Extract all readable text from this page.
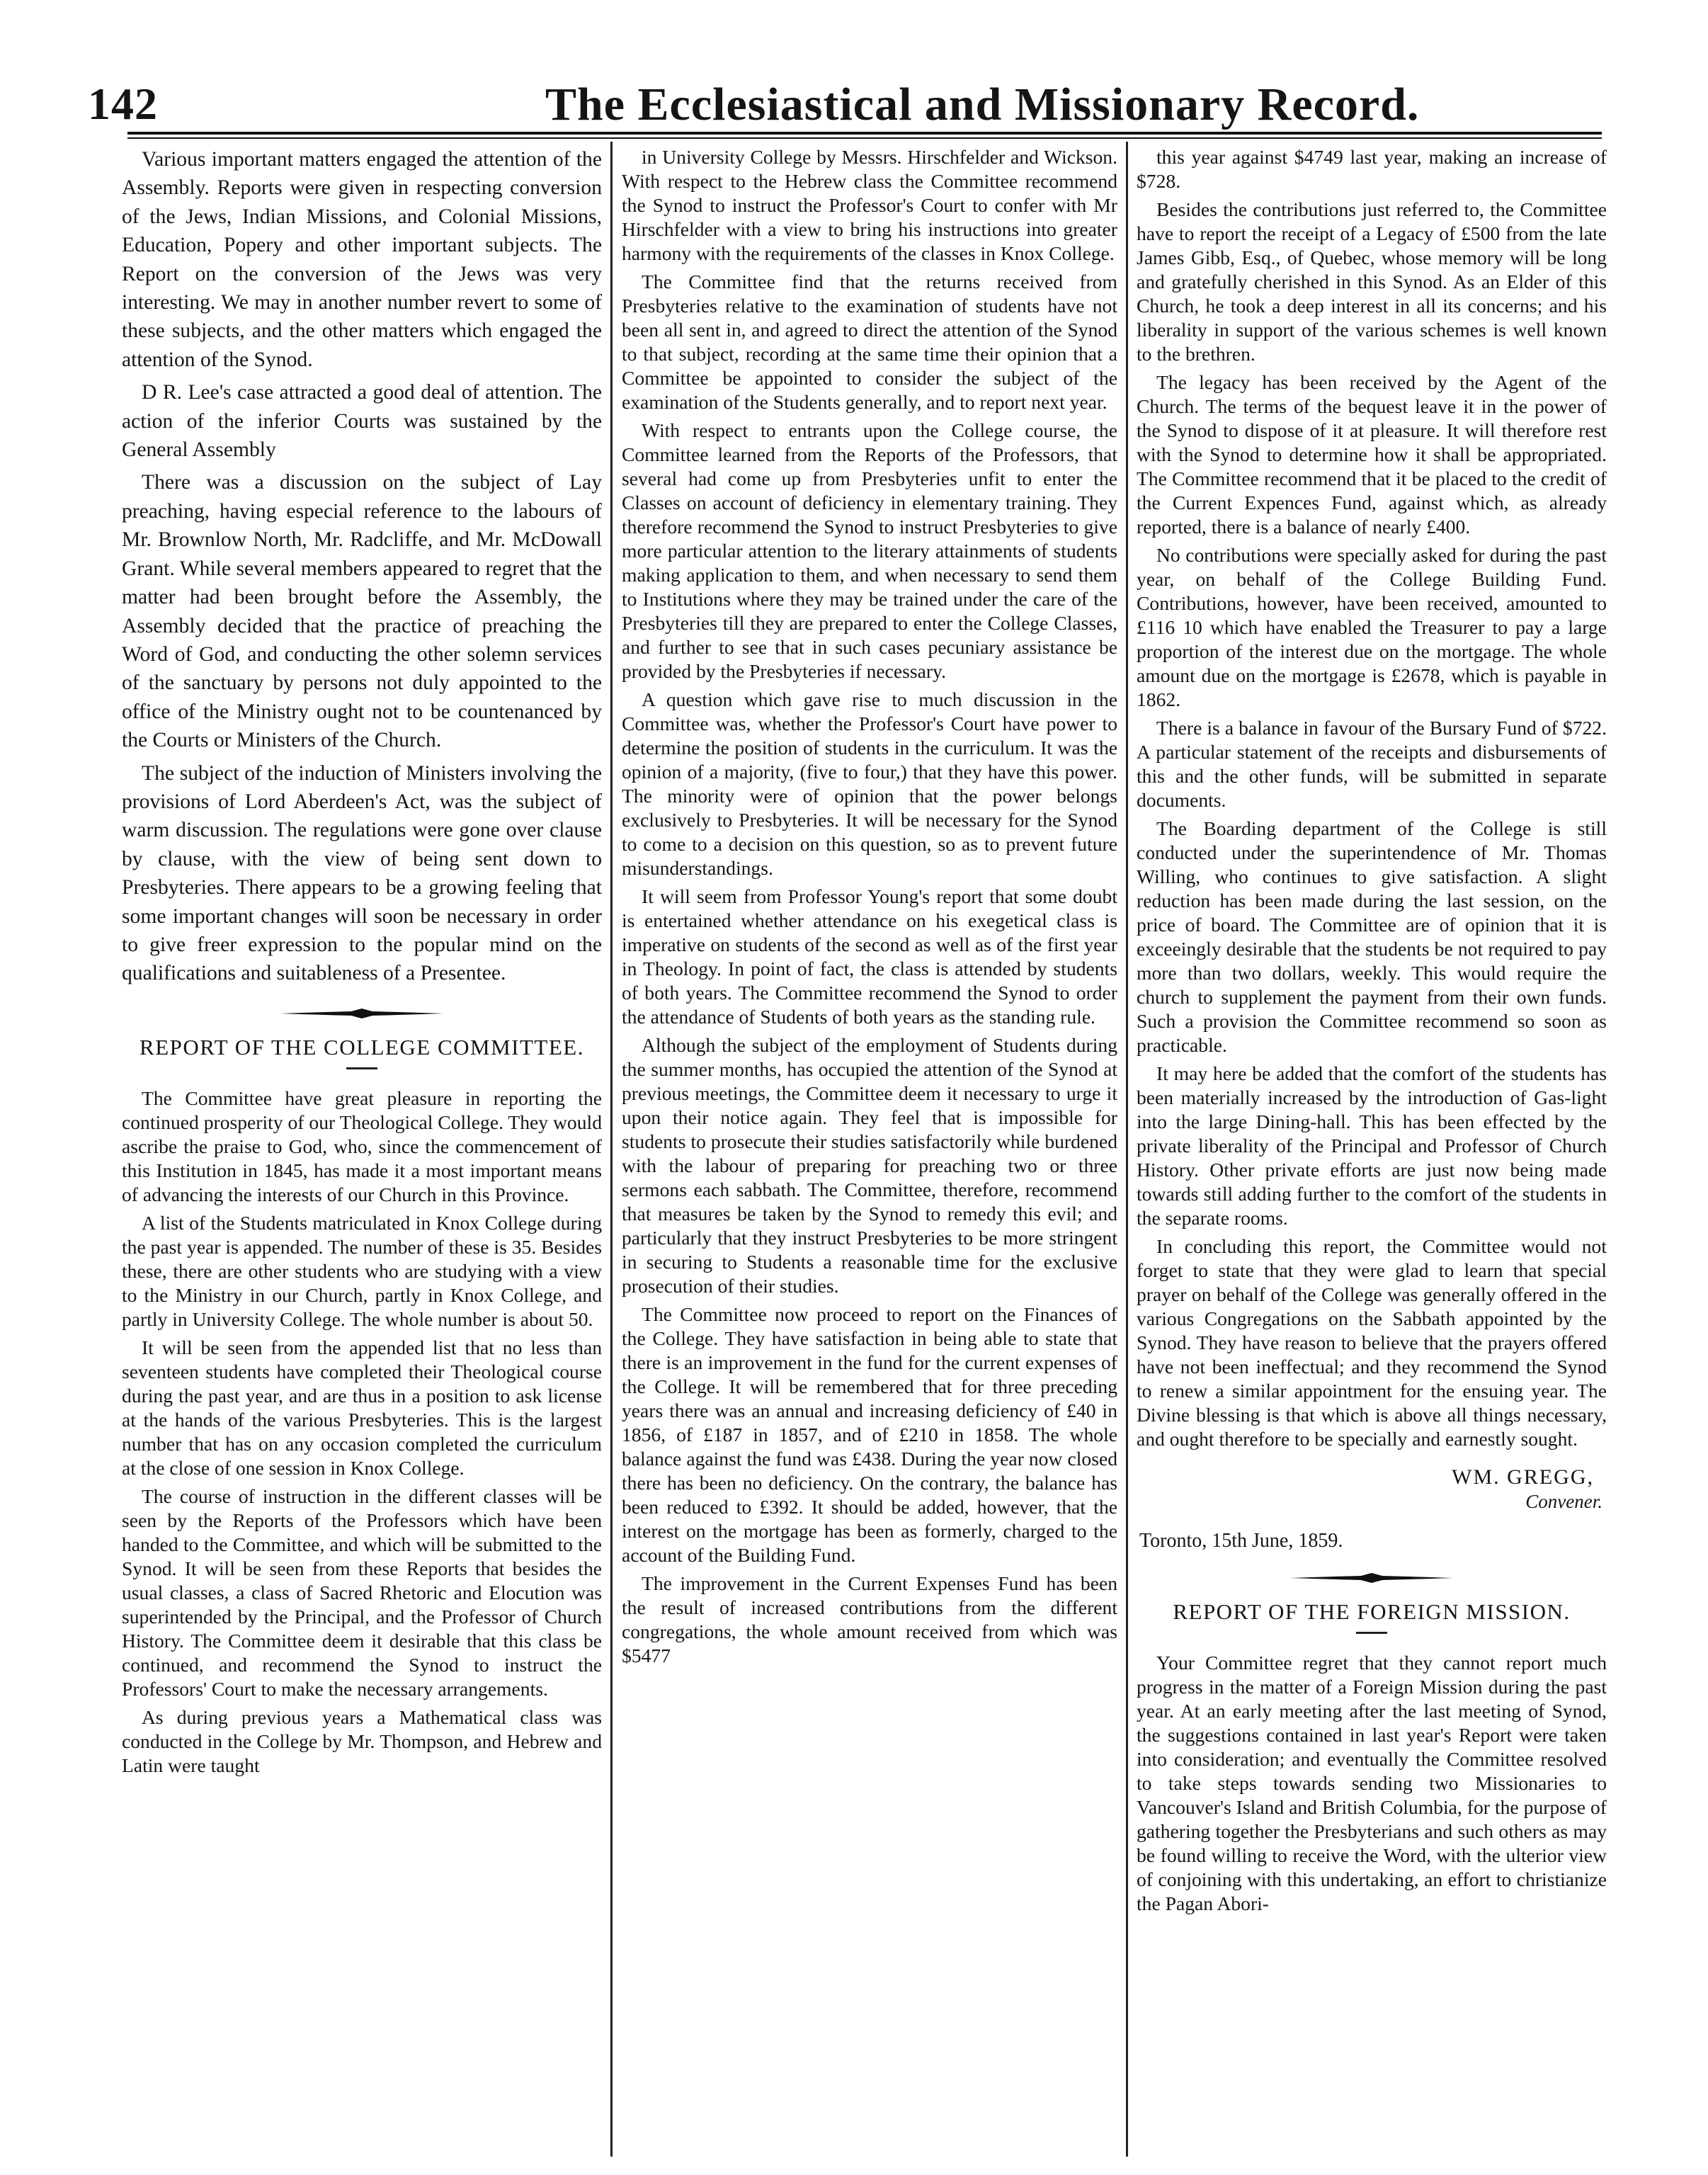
142	The Ecclesiastical and Missionary Record.

Various important matters engaged the attention of the Assembly. Reports were given in respecting conversion of the Jews, Indian Missions, and Colonial Missions, Education, Popery and other important subjects. The Report on the conversion of the Jews was very interesting. We may in another number revert to some of these subjects, and the other matters which engaged the attention of the Synod.

D R. Lee's case attracted a good deal of attention. The action of the inferior Courts was sustained by the General Assembly

There was a discussion on the subject of Lay preaching, having especial reference to the labours of Mr. Brownlow North, Mr. Radcliffe, and Mr. McDowall Grant. While several members appeared to regret that the matter had been brought before the Assembly, the Assembly decided that the practice of preaching the Word of God, and conducting the other solemn services of the sanctuary by persons not duly appointed to the office of the Ministry ought not to be countenanced by the Courts or Ministers of the Church.

The subject of the induction of Ministers involving the provisions of Lord Aberdeen's Act, was the subject of warm discussion. The regulations were gone over clause by clause, with the view of being sent down to Presbyteries. There appears to be a growing feeling that some important changes will soon be necessary in order to give freer expression to the popular mind on the qualifications and suitableness of a Presentee.

REPORT OF THE COLLEGE COMMITTEE.

The Committee have great pleasure in reporting the continued prosperity of our Theological College. They would ascribe the praise to God, who, since the commencement of this Institution in 1845, has made it a most important means of advancing the interests of our Church in this Province.

A list of the Students matriculated in Knox College during the past year is appended. The number of these is 35. Besides these, there are other students who are studying with a view to the Ministry in our Church, partly in Knox College, and partly in University College. The whole number is about 50.

It will be seen from the appended list that no less than seventeen students have completed their Theological course during the past year, and are thus in a position to ask license at the hands of the various Presbyteries. This is the largest number that has on any occasion completed the curriculum at the close of one session in Knox College.

The course of instruction in the different classes will be seen by the Reports of the Professors which have been handed to the Committee, and which will be submitted to the Synod. It will be seen from these Reports that besides the usual classes, a class of Sacred Rhetoric and Elocution was superintended by the Principal, and the Professor of Church History. The Committee deem it desirable that this class be continued, and recommend the Synod to instruct the Professors' Court to make the necessary arrangements.

As during previous years a Mathematical class was conducted in the College by Mr. Thompson, and Hebrew and Latin were taught

in University College by Messrs. Hirschfelder and Wickson. With respect to the Hebrew class the Committee recommend the Synod to instruct the Professor's Court to confer with Mr Hirschfelder with a view to bring his instructions into greater harmony with the requirements of the classes in Knox College.

The Committee find that the returns received from Presbyteries relative to the examination of students have not been all sent in, and agreed to direct the attention of the Synod to that subject, recording at the same time their opinion that a Committee be appointed to consider the subject of the examination of the Students generally, and to report next year.

With respect to entrants upon the College course, the Committee learned from the Reports of the Professors, that several had come up from Presbyteries unfit to enter the Classes on account of deficiency in elementary training. They therefore recommend the Synod to instruct Presbyteries to give more particular attention to the literary attainments of students making application to them, and when necessary to send them to Institutions where they may be trained under the care of the Presbyteries till they are prepared to enter the College Classes, and further to see that in such cases pecuniary assistance be provided by the Presbyteries if necessary.

A question which gave rise to much discussion in the Committee was, whether the Professor's Court have power to determine the position of students in the curriculum. It was the opinion of a majority, (five to four,) that they have this power. The minority were of opinion that the power belongs exclusively to Presbyteries. It will be necessary for the Synod to come to a decision on this question, so as to prevent future misunderstandings.

It will seem from Professor Young's report that some doubt is entertained whether attendance on his exegetical class is imperative on students of the second as well as of the first year in Theology. In point of fact, the class is attended by students of both years. The Committee recommend the Synod to order the attendance of Students of both years as the standing rule.

Although the subject of the employment of Students during the summer months, has occupied the attention of the Synod at previous meetings, the Committee deem it necessary to urge it upon their notice again. They feel that is impossible for students to prosecute their studies satisfactorily while burdened with the labour of preparing for preaching two or three sermons each sabbath. The Committee, therefore, recommend that measures be taken by the Synod to remedy this evil; and particularly that they instruct Presbyteries to be more stringent in securing to Students a reasonable time for the exclusive prosecution of their studies.

The Committee now proceed to report on the Finances of the College. They have satisfaction in being able to state that there is an improvement in the fund for the current expenses of the College. It will be remembered that for three preceding years there was an annual and increasing deficiency of £40 in 1856, of £187 in 1857, and of £210 in 1858. The whole balance against the fund was £438. During the year now closed there has been no deficiency. On the contrary, the balance has been reduced to £392. It should be added, however, that the interest on the mortgage has been as formerly, charged to the account of the Building Fund.

The improvement in the Current Expenses Fund has been the result of increased contributions from the different congregations, the whole amount received from which was $5477

this year against $4749 last year, making an increase of $728.

Besides the contributions just referred to, the Committee have to report the receipt of a Legacy of £500 from the late James Gibb, Esq., of Quebec, whose memory will be long and gratefully cherished in this Synod. As an Elder of this Church, he took a deep interest in all its concerns; and his liberality in support of the various schemes is well known to the brethren.

The legacy has been received by the Agent of the Church. The terms of the bequest leave it in the power of the Synod to dispose of it at pleasure. It will therefore rest with the Synod to determine how it shall be appropriated. The Committee recommend that it be placed to the credit of the Current Expences Fund, against which, as already reported, there is a balance of nearly £400.

No contributions were specially asked for during the past year, on behalf of the College Building Fund. Contributions, however, have been received, amounted to £116 10 which have enabled the Treasurer to pay a large proportion of the interest due on the mortgage. The whole amount due on the mortgage is £2678, which is payable in 1862.

There is a balance in favour of the Bursary Fund of $722. A particular statement of the receipts and disbursements of this and the other funds, will be submitted in separate documents.

The Boarding department of the College is still conducted under the superintendence of Mr. Thomas Willing, who continues to give satisfaction. A slight reduction has been made during the last session, on the price of board. The Committee are of opinion that it is exceeingly desirable that the students be not required to pay more than two dollars, weekly. This would require the church to supplement the payment from their own funds. Such a provision the Committee recommend so soon as practicable.

It may here be added that the comfort of the students has been materially increased by the introduction of Gas-light into the large Dining-hall. This has been effected by the private liberality of the Principal and Professor of Church History. Other private efforts are just now being made towards still adding further to the comfort of the students in the separate rooms.

In concluding this report, the Committee would not forget to state that they were glad to learn that special prayer on behalf of the College was generally offered in the various Congregations on the Sabbath appointed by the Synod. They have reason to believe that the prayers offered have not been ineffectual; and they recommend the Synod to renew a similar appointment for the ensuing year. The Divine blessing is that which is above all things necessary, and ought therefore to be specially and earnestly sought.

WM. GREGG,
Convener.
Toronto, 15th June, 1859.
REPORT OF THE FOREIGN MISSION.

Your Committee regret that they cannot report much progress in the matter of a Foreign Mission during the past year. At an early meeting after the last meeting of Synod, the suggestions contained in last year's Report were taken into consideration; and eventually the Committee resolved to take steps towards sending two Missionaries to Vancouver's Island and British Columbia, for the purpose of gathering together the Presbyterians and such others as may be found willing to receive the Word, with the ulterior view of conjoining with this undertaking, an effort to christianize the Pagan Abori-
